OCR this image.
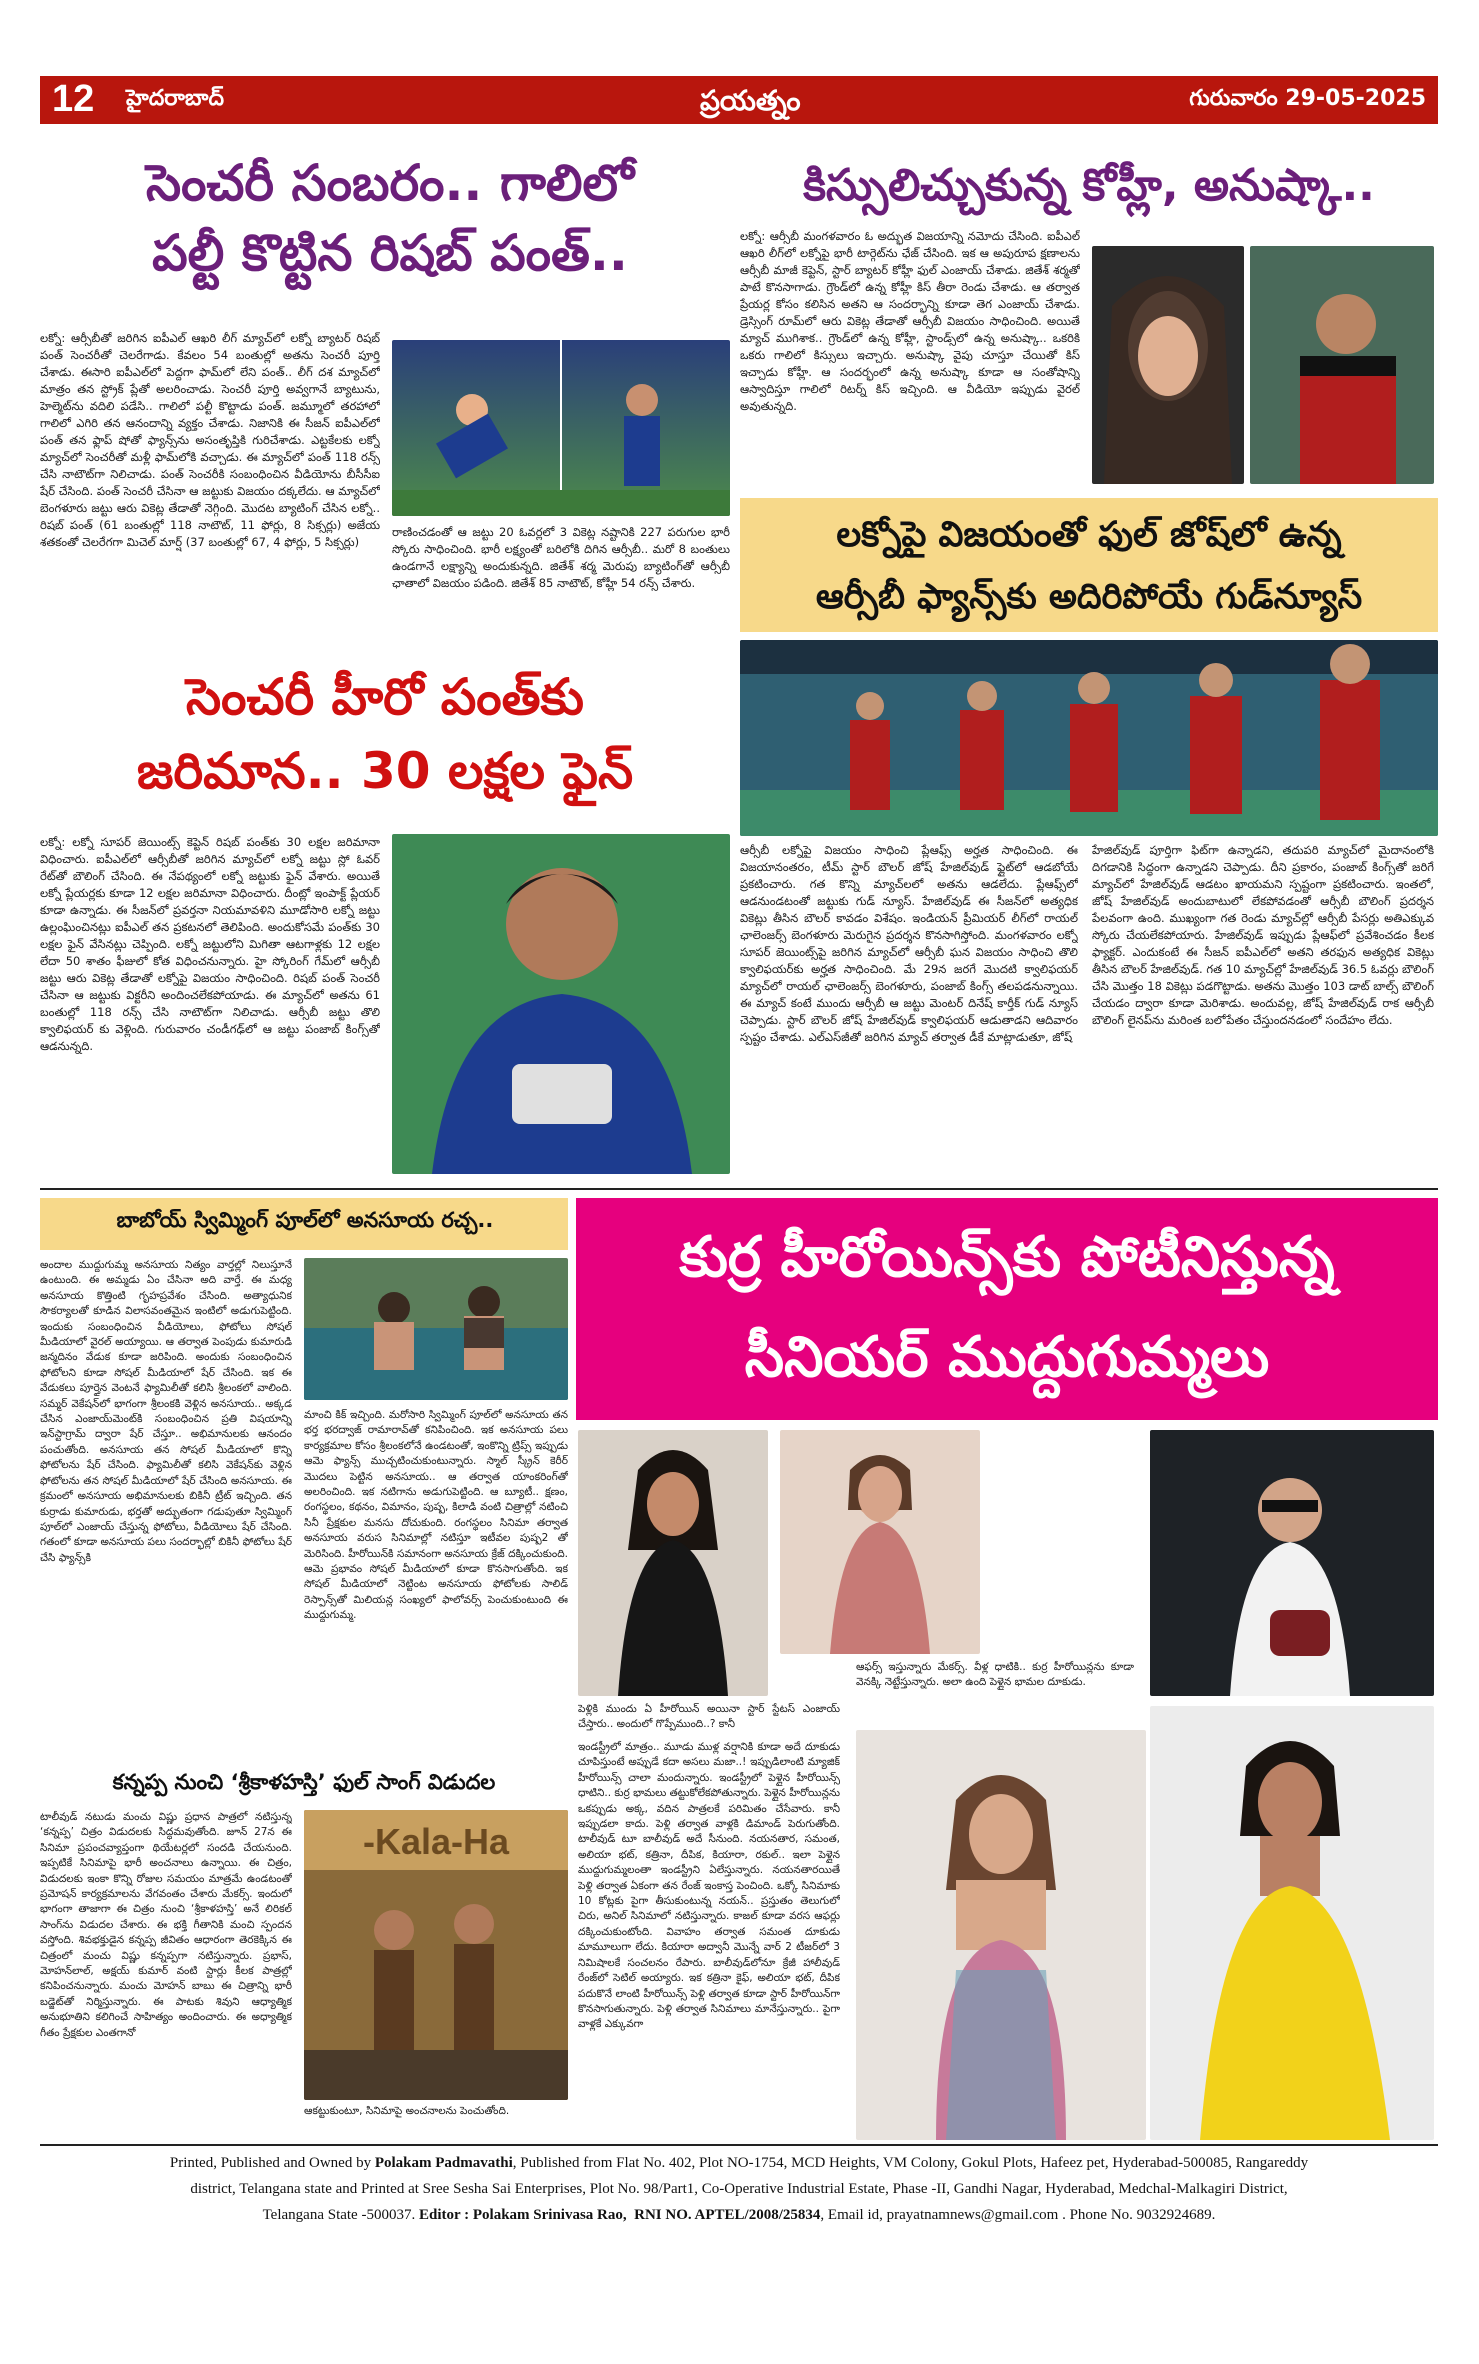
12 హైదరాబాద్	ప్రయత్నం	గురువారం 29-05-2025
సెంచరీ సంబరం.. గాలిలో
పల్టీ కొట్టిన రిషబ్ పంత్..
లక్నో: ఆర్సీబీతో జరిగిన ఐపీఎల్ ఆఖరి లీగ్ మ్యాచ్‌లో లక్నో బ్యాటర్ రిషబ్ పంత్ సెంచరీతో చెలరేగాడు. కేవలం 54 బంతుల్లో అతను సెంచరీ పూర్తి చేశాడు. ఈసారి ఐపీఎల్‌లో పెద్దగా ఫామ్‌లో లేని పంత్.. లీగ్ దశ మ్యాచ్‌లో మాత్రం తన స్ట్రోక్ ప్లేతో అలరించాడు. సెంచరీ పూర్తి అవ్వగానే బ్యాటును, హెల్మెట్‌ను వదిలి పడేసి.. గాలిలో పల్టీ కొట్టాడు పంత్. జమ్మూలో తరహాలో గాలిలో ఎగిరి తన ఆనందాన్ని వ్యక్తం చేశాడు. నిజానికి ఈ సీజన్ ఐపీఎల్‌లో పంత్ తన ఫ్లాప్ షోతో ఫ్యాన్స్‌ను అసంతృప్తికి గురిచేశాడు. ఎట్టకేలకు లక్నో మ్యాచ్‌లో సెంచరీతో మళ్లీ ఫామ్‌లోకి వచ్చాడు. ఈ మ్యాచ్‌లో పంత్ 118 రన్స్ చేసి నాటౌట్‌గా నిలిచాడు. పంత్ సెంచరీకి సంబంధించిన వీడియోను బీసీసీఐ షేర్ చేసింది. పంత్ సెంచరీ చేసినా ఆ జట్టుకు విజయం దక్కలేదు. ఆ మ్యాచ్‌లో బెంగళూరు జట్టు ఆరు వికెట్ల తేడాతో నెగ్గింది. మొదట బ్యాటింగ్ చేసిన లక్నో.. రిషబ్ పంత్ (61 బంతుల్లో 118 నాటౌట్, 11 ఫోర్లు, 8 సిక్సర్లు) అజేయ శతకంతో చెలరేగగా మిచెల్ మార్ష్ (37 బంతుల్లో 67, 4 ఫోర్లు, 5 సిక్సర్లు)
రాణించడంతో ఆ జట్టు 20 ఓవర్లలో 3 వికెట్ల నష్టానికి 227 పరుగుల భారీ స్కోరు సాధించింది. భారీ లక్ష్యంతో బరిలోకి దిగిన ఆర్సీబీ.. మరో 8 బంతులు ఉండగానే లక్ష్యాన్ని అందుకున్నది. జితేశ్ శర్మ మెరుపు బ్యాటింగ్‌తో ఆర్సీబీ ఛాతాలో విజయం పడింది. జితేశ్ 85 నాటౌట్, కోహ్లీ 54 రన్స్ చేశారు.
కిస్సులిచ్చుకున్న కోహ్లీ, అనుష్కా..
లక్నో: ఆర్సీబీ మంగళవారం ఓ అద్భుత విజయాన్ని నమోదు చేసింది. ఐపీఎల్ ఆఖరి లీగ్‌లో లక్నోపై భారీ టార్గెట్‌ను ఛేజ్ చేసింది. ఇక ఆ అపురూప క్షణాలను ఆర్సీబీ మాజీ కెప్టెన్, స్టార్ బ్యాటర్ కోహ్లీ ఫుల్ ఎంజాయ్ చేశాడు. జితేశ్ శర్మతో పాటే కొనసాగాడు. గ్రౌండ్‌లో ఉన్న కోహ్లీ కిస్ తీరా రెండు చేశాడు. ఆ తర్వాత ప్రేయర్ల కోసం కలిసిన అతని ఆ సందర్భాన్ని కూడా తెగ ఎంజాయ్ చేశాడు. డ్రెస్సింగ్ రూమ్‌లో ఆరు వికెట్ల తేడాతో ఆర్సీబీ విజయం సాధించింది. అయితే మ్యాచ్ ముగిశాక.. గ్రౌండ్‌లో ఉన్న కోహ్లీ, స్టాండ్స్‌లో ఉన్న అనుష్కా.. ఒకరికి ఒకరు గాలిలో కిస్సులు ఇచ్చారు. అనుష్కా వైపు చూస్తూ చేయితో కిస్ ఇచ్చాడు కోహ్లీ. ఆ సందర్భంలో ఉన్న అనుష్కా కూడా ఆ సంతోషాన్ని ఆస్వాదిస్తూ గాలిలో రిటర్న్ కిస్ ఇచ్చింది. ఆ వీడియో ఇప్పుడు వైరల్ అవుతున్నది.
లక్నోపై విజయంతో ఫుల్ జోష్‌లో ఉన్న
ఆర్సీబీ ఫ్యాన్స్‌కు అదిరిపోయే గుడ్‌న్యూస్
ఆర్సీబీ లక్నోపై విజయం సాధించి ప్లేఆఫ్స్ అర్హత సాధించింది. ఈ విజయానంతరం, టీమ్ స్టార్ బౌలర్ జోష్ హేజిల్‌వుడ్ ఫ్లైట్‌లో ఆడబోయే ప్రకటించారు. గత కొన్ని మ్యాచ్‌లలో అతను ఆడలేదు. ప్లేఆఫ్స్‌లో ఆడనుండటంతో జట్టుకు గుడ్ న్యూస్. హేజిల్‌వుడ్ ఈ సీజన్‌లో అత్యధిక వికెట్లు తీసిన బౌలర్ కావడం విశేషం. ఇండియన్ ప్రీమియర్ లీగ్‌లో రాయల్ ఛాలెంజర్స్ బెంగళూరు మెరుగైన ప్రదర్శన కొనసాగిస్తోంది. మంగళవారం లక్నో సూపర్ జెయింట్స్‌పై జరిగిన మ్యాచ్‌లో ఆర్సీబీ ఘన విజయం సాధించి తొలి క్వాలిఫయర్‌కు అర్హత సాధించింది. మే 29న జరగే మొదటి క్వాలిఫయర్ మ్యాచ్‌లో రాయల్ ఛాలెంజర్స్ బెంగళూరు, పంజాబ్ కింగ్స్ తలపడనున్నాయి. ఈ మ్యాచ్ కంటే ముందు ఆర్సీబీ ఆ జట్టు మెంటర్ దినేష్ కార్తీక్ గుడ్ న్యూస్ చెప్పాడు. స్టార్ బౌలర్ జోష్ హేజిల్‌వుడ్ క్వాలిఫయర్ ఆడుతాడని ఆదివారం స్పష్టం చేశాడు. ఎల్ఎస్‌జీతో జరిగిన మ్యాచ్ తర్వాత డీకే మాట్లాడుతూ, జోష్
హేజిల్‌వుడ్ పూర్తిగా ఫిట్‌గా ఉన్నాడని, తదుపరి మ్యాచ్‌లో మైదానంలోకి దిగడానికి సిద్ధంగా ఉన్నాడని చెప్పాడు. దీని ప్రకారం, పంజాబ్ కింగ్స్‌తో జరిగే మ్యాచ్‌లో హేజిల్‌వుడ్ ఆడటం ఖాయమని స్పష్టంగా ప్రకటించారు. ఇంతలో, జోష్ హేజిల్‌వుడ్ అందుబాటులో లేకపోవడంతో ఆర్సీబీ బౌలింగ్ ప్రదర్శన పేలవంగా ఉంది. ముఖ్యంగా గత రెండు మ్యాచ్‌ల్లో ఆర్సీబీ పేసర్లు అతిఎక్కువ స్కోరు చేయలేకపోయారు. హేజిల్‌వుడ్ ఇప్పుడు ప్లేఆఫ్‌లో ప్రవేశించడం కీలక ఫ్యాక్టర్. ఎందుకంటే ఈ సీజన్ ఐపీఎల్‌లో అతని తరఫున అత్యధిక వికెట్లు తీసిన బౌలర్ హేజిల్‌వుడ్. గత 10 మ్యాచ్‌ల్లో హేజిల్‌వుడ్ 36.5 ఓవర్లు బౌలింగ్ చేసి మొత్తం 18 వికెట్లు పడగొట్టాడు. అతను మొత్తం 103 డాట్ బాల్స్ బౌలింగ్ చేయడం ద్వారా కూడా మెరిశాడు. అందువల్ల, జోష్ హేజిల్‌వుడ్ రాక ఆర్సీబీ బౌలింగ్ లైనప్‌ను మరింత బలోపేతం చేస్తుందనడంలో సందేహం లేదు.
సెంచరీ హీరో పంత్‌కు
జరిమాన.. 30 లక్షల ఫైన్
లక్నో: లక్నో సూపర్ జెయింట్స్ కెప్టెన్ రిషబ్ పంత్‌కు 30 లక్షల జరిమానా విధించారు. ఐపీఎల్‌లో ఆర్సీబీతో జరిగిన మ్యాచ్‌లో లక్నో జట్టు స్లో ఓవర్ రేట్‌తో బౌలింగ్ చేసింది. ఈ నేపథ్యంలో లక్నో జట్టుకు ఫైన్ వేశారు. అయితే లక్నో ప్లేయర్లకు కూడా 12 లక్షల జరిమానా విధించారు. దీంట్లో ఇంపాక్ట్ ప్లేయర్ కూడా ఉన్నాడు. ఈ సీజన్‌లో ప్రవర్తనా నియమావళిని మూడోసారి లక్నో జట్టు ఉల్లంఘించినట్లు ఐపీఎల్ తన ప్రకటనలో తెలిపింది. అందుకోసమే పంత్‌కు 30 లక్షల ఫైన్ వేసినట్లు చెప్పింది. లక్నో జట్టులోని మిగితా ఆటగాళ్లకు 12 లక్షల లేదా 50 శాతం ఫీజులో కోత విధించనున్నారు. హై స్కోరింగ్ గేమ్‌లో ఆర్సీబీ జట్టు ఆరు వికెట్ల తేడాతో లక్నోపై విజయం సాధించింది. రిషబ్ పంత్ సెంచరీ చేసినా ఆ జట్టుకు విక్టరీని అందించలేకపోయాడు. ఈ మ్యాచ్‌లో అతను 61 బంతుల్లో 118 రన్స్ చేసి నాటౌట్‌గా నిలిచాడు. ఆర్సీబీ జట్టు తొలి క్వాలిఫయర్ కు వెళ్లింది. గురువారం చండీగఢ్‌లో ఆ జట్టు పంజాబ్ కింగ్స్‌తో ఆడనున్నది.
బాబోయ్ స్విమ్మింగ్ పూల్‌లో అనసూయ రచ్చ..
అందాల ముద్దుగుమ్మ అనసూయ నిత్యం వార్తల్లో నిలుస్తూనే ఉంటుంది. ఈ అమ్మడు ఏం చేసినా అది వార్తే. ఈ మధ్య అనసూయ కొత్తింటి గృహప్రవేశం చేసింది. అత్యాధునిక సౌకర్యాలతో కూడిన విలాసవంతమైన ఇంటిలో అడుగుపెట్టింది. ఇందుకు సంబంధించిన వీడియోలు, ఫోటోలు సోషల్ మీడియాలో వైరల్ అయ్యాయి. ఆ తర్వాత పెంపుడు కుమారుడి జన్మదినం వేడుక కూడా జరిపింది. అందుకు సంబంధించిన ఫోటోలని కూడా సోషల్ మీడియాలో షేర్ చేసింది. ఇక ఈ వేడుకలు పూర్తైన వెంటనే ఫ్యామిలీతో కలిసి శ్రీలంకలో వాలింది. సమ్మర్ వెకేషన్‌లో భాగంగా శ్రీలంకకి వెళ్లిన అనసూయ.. అక్కడ చేసిన ఎంజాయ్‌మెంట్‌కి సంబంధించిన ప్రతి విషయాన్ని ఇన్‌స్టాగ్రామ్ ద్వారా షేర్ చేస్తూ.. అభిమానులకు ఆనందం పంచుతోంది. అనసూయ తన సోషల్ మీడియాలో కొన్ని ఫోటోలను షేర్ చేసింది. ఫ్యామిలీతో కలిసి వెకేషన్‌కు వెళ్లిన ఫోటోలను తన సోషల్ మీడియాలో షేర్ చేసింది అనసూయ. ఈ క్రమంలో అనసూయ అభిమానులకు బికినీ ట్రీట్ ఇచ్చింది. తన కుర్రాడు కుమారుడు, భర్తతో అద్భుతంగా గడుపుతూ స్విమ్మింగ్ పూల్‌లో ఎంజాయ్ చేస్తున్న ఫోటోలు, వీడియోలు షేర్ చేసింది. గతంలో కూడా అనసూయ పలు సందర్భాల్లో బికినీ ఫోటోలు షేర్ చేసి ఫ్యాన్స్‌కి
మాంచి కిక్ ఇచ్చింది. మరోసారి స్విమ్మింగ్ పూల్‌లో అనసూయ తన భర్త భరద్వాజ్ రామారావ్‌తో కనిపించింది. ఇక అనసూయ పలు కార్యక్రమాల కోసం శ్రీలంకలోనే ఉండటంతో, ఇంకొన్ని ట్రిప్స్ ఇప్పుడు ఆమె ఫ్యాన్స్ ముచ్చటించుకుంటున్నారు. స్మాల్ స్క్రీన్ కెరీర్ మొదలు పెట్టిన అనసూయ.. ఆ తర్వాత యాంకరింగ్‌తో అలరించింది. ఇక నటిగాను అడుగుపెట్టింది. ఆ బ్యూటీ.. క్షణం, రంగస్థలం, కథనం, విమానం, పుష్ప, కిలాడి వంటి చిత్రాల్లో నటించి సినీ ప్రేక్షకుల మనసు దోచుకుంది. రంగస్థలం సినిమా తర్వాత అనసూయ వరుస సినిమాల్లో నటిస్తూ ఇటీవల పుష్ప2 తో మెరిసింది. హీరోయిన్‌కి సమానంగా అనసూయ క్రేజ్ దక్కించుకుంది. ఆమె ప్రభావం సోషల్ మీడియాలో కూడా కొనసాగుతోంది. ఇక సోషల్ మీడియాలో నెట్టింట అనసూయ ఫోటోలకు సాలిడ్ రెస్పాన్స్‌తో మిలియన్ల సంఖ్యలో ఫాలోవర్స్ పెంచుకుంటుంది ఈ ముద్దుగుమ్మ.
కన్నప్ప నుంచి ‘శ్రీకాళహస్తి’ ఫుల్ సాంగ్ విడుదల
టాలీవుడ్ నటుడు మంచు విష్ణు ప్రధాన పాత్రలో నటిస్తున్న ‘కన్నప్ప’ చిత్రం విడుదలకు సిద్ధమవుతోంది. జూన్ 27న ఈ సినిమా ప్రపంచవ్యాప్తంగా థియేటర్లలో సందడి చేయనుంది. ఇప్పటికే సినిమాపై భారీ అంచనాలు ఉన్నాయి. ఈ చిత్రం, విడుదలకు ఇంకా కొన్ని రోజుల సమయం మాత్రమే ఉండటంతో ప్రమోషన్ కార్యక్రమాలను వేగవంతం చేశారు మేకర్స్. ఇందులో భాగంగా తాజాగా ఈ చిత్రం నుంచి ‘శ్రీకాళహస్తి’ అనే లిరికల్ సాంగ్‌ను విడుదల చేశారు. ఈ భక్తి గీతానికి మంచి స్పందన వస్తోంది. శివభక్తుడైన కన్నప్ప జీవితం ఆధారంగా తెరకెక్కిన ఈ చిత్రంలో మంచు విష్ణు కన్నప్పగా నటిస్తున్నారు. ప్రభాస్, మోహన్‌లాల్, అక్షయ్ కుమార్ వంటి స్టార్లు కీలక పాత్రల్లో కనిపించనున్నారు. మంచు మోహన్ బాబు ఈ చిత్రాన్ని భారీ బడ్జెట్‌తో నిర్మిస్తున్నారు. ఈ పాటకు శివుని ఆధ్యాత్మిక అనుభూతిని కలిగించే సాహిత్యం అందించారు. ఈ అధ్యాత్మిక గీతం ప్రేక్షకుల ఎంతగానో
-Kala-Ha
ఆకట్టుకుంటూ, సినిమాపై అంచనాలను పెంచుతోంది.
కుర్ర హీరోయిన్స్‌కు పోటీనిస్తున్న
సీనియర్ ముద్దుగుమ్మలు
పెళ్లికి ముందు ఏ హీరోయిన్ అయినా స్టార్ స్టేటస్ ఎంజాయ్ చేస్తారు.. అందులో గొప్పేముంది..? కానీ
ఆఫర్స్ ఇస్తున్నారు మేకర్స్. వీళ్ల ధాటికి.. కుర్ర హీరోయిన్లను కూడా వెనక్కి నెట్టేస్తున్నారు. అలా ఉంది పెళ్లైన భామల దూకుడు.
ఇండస్ట్రీలో మాత్రం.. మూడు ముళ్ల వర్షానికి కూడా అదే దూకుడు చూపిస్తుంటే అప్పుడే కదా అసలు మజా..! ఇప్పుడిలాంటి మ్యాజిక్ హీరోయిన్స్ చాలా మందున్నారు. ఇండస్ట్రీలో పెళ్లైన హీరోయిన్స్ ధాటిని.. కుర్ర భామలు తట్టుకోలేకపోతున్నారు. పెళ్లైన హీరోయిన్లను ఒకప్పుడు అక్క, వదిన పాత్రలకే పరిమితం చేసేవారు. కానీ ఇప్పుడలా కాదు. పెళ్లి తర్వాత వాళ్లకి డిమాండ్ పెరుగుతోంది. టాలీవుడ్ టూ బాలీవుడ్ అదే సీనుంది. నయనతార, సమంత, అలియా భట్, కత్రినా, దీపిక, కియారా, రకుల్.. ఇలా పెళ్లైన ముద్దుగుమ్మలంతా ఇండస్ట్రీని ఏలేస్తున్నారు. నయనతారయితే పెళ్లి తర్వాత ఏకంగా తన రేంజ్ ఇంకాస్త పెంచింది. ఒక్కో సినిమాకు 10 కోట్లకు పైగా తీసుకుంటున్న నయన్.. ప్రస్తుతం తెలుగులో చిరు, అనిల్ సినిమాలో నటిస్తున్నారు. కాజల్ కూడా వరస ఆఫర్లు దక్కించుకుంటోంది. వివాహం తర్వాత సమంత దూకుడు మామూలుగా లేదు. కియారా అద్వానీ మొన్నే వార్ 2 టీజర్‌లో 3 నిమిషాలకే సంచలనం రేపారు. బాలీవుడ్‌లోనూ క్రేజీ హాలీవుడ్ రేంజ్‌లో సెటిల్ అయ్యారు. ఇక కత్రినా కైఫ్, అలియా భట్, దీపిక పదుకొనే లాంటి హీరోయిన్స్ పెళ్లి తర్వాత కూడా స్టార్ హీరోయిన్‌గా కొనసాగుతున్నారు. పెళ్లి తర్వాత సినిమాలు మానేస్తున్నారు.. పైగా వాళ్లకే ఎక్కువగా
Printed, Published and Owned by Polakam Padmavathi, Published from Flat No. 402, Plot NO-1754, MCD Heights, VM Colony, Gokul Plots, Hafeez pet, Hyderabad-500085, Rangareddy
district, Telangana state and Printed at Sree Sesha Sai Enterprises, Plot No. 98/Part1, Co-Operative Industrial Estate, Phase -II, Gandhi Nagar, Hyderabad, Medchal-Malkagiri District,
Telangana State -500037. Editor : Polakam Srinivasa Rao, RNI NO. APTEL/2008/25834, Email id, prayatnamnews@gmail.com . Phone No. 9032924689.
